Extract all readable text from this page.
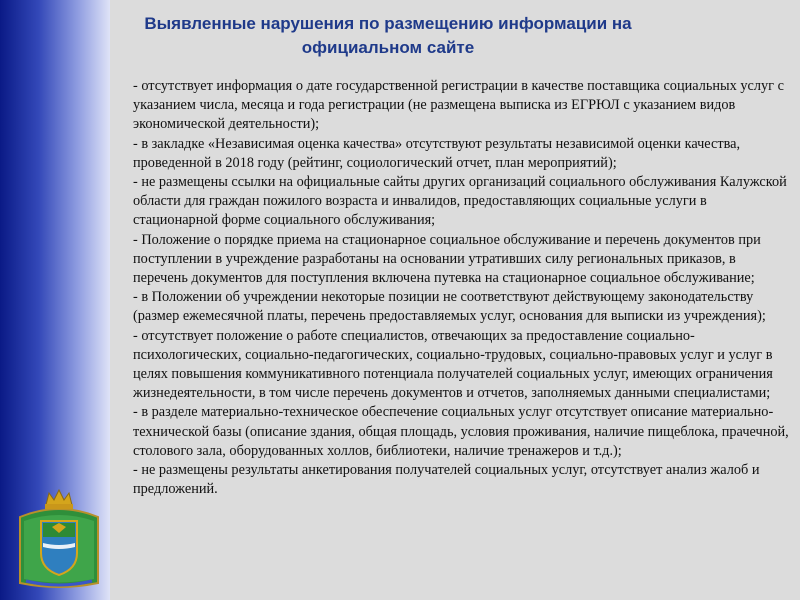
Выявленные нарушения по размещению информации на
официальном сайте
- отсутствует информация о дате государственной регистрации в качестве поставщика социальных услуг с указанием числа, месяца и года регистрации (не размещена выписка из ЕГРЮЛ с указанием видов экономической деятельности);
- в закладке «Независимая оценка качества» отсутствуют результаты независимой оценки качества, проведенной в 2018 году (рейтинг, социологический отчет, план мероприятий);
- не размещены ссылки на официальные сайты других организаций социального обслуживания Калужской области для граждан пожилого возраста и инвалидов, предоставляющих социальные услуги в стационарной форме социального обслуживания;
- Положение о порядке приема на стационарное социальное обслуживание и перечень документов при поступлении в учреждение разработаны на основании утративших силу региональных приказов, в перечень документов для поступления включена путевка на стационарное социальное обслуживание;
- в Положении об учреждении некоторые позиции не соответствуют действующему законодательству (размер ежемесячной платы, перечень предоставляемых услуг, основания для выписки из учреждения);
- отсутствует положение о работе специалистов, отвечающих за предоставление социально-психологических, социально-педагогических, социально-трудовых, социально-правовых услуг и услуг в целях повышения коммуникативного потенциала получателей социальных услуг, имеющих ограничения жизнедеятельности, в том числе перечень документов и отчетов, заполняемых данными специалистами;
- в разделе материально-техническое обеспечение социальных услуг отсутствует описание материально-технической базы (описание здания, общая площадь, условия проживания, наличие пищеблока, прачечной, столового зала, оборудованных холлов, библиотеки, наличие тренажеров и т.д.);
- не размещены результаты анкетирования получателей социальных услуг, отсутствует анализ жалоб и предложений.
